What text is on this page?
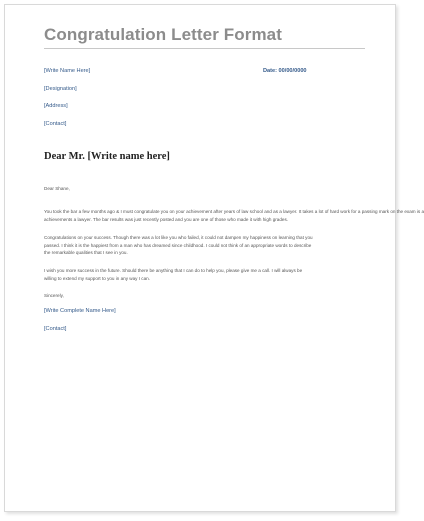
Congratulation Letter Format
[Write Name Here]
[Designation]
[Address]
[Contact]
Date: 00/00/0000
Dear Mr. [Write name here]
Dear Shane,
You took the bar a few months ago & I must congratulate you on your achievement after years of law school and as a lawyer. It takes a lot of hard work for a passing mark on the exam is a
achievements a lawyer. The bar results was just recently posted and you are one of those who made it with high grades.
Congratulations on your success. Though there was a lot like you who failed, it could not dampen my happiness on learning that you
passed. I think it is the happiest from a man who has dreamed since childhood. I could not think of an appropriate words to describe
the remarkable qualities that I see in you.
I wish you more success in the future. Should there be anything that I can do to help you, please give me a call. I will always be
willing to extend my support to you in any way I can.
Sincerely,
[Write Complete Name Here]
[Contact]
